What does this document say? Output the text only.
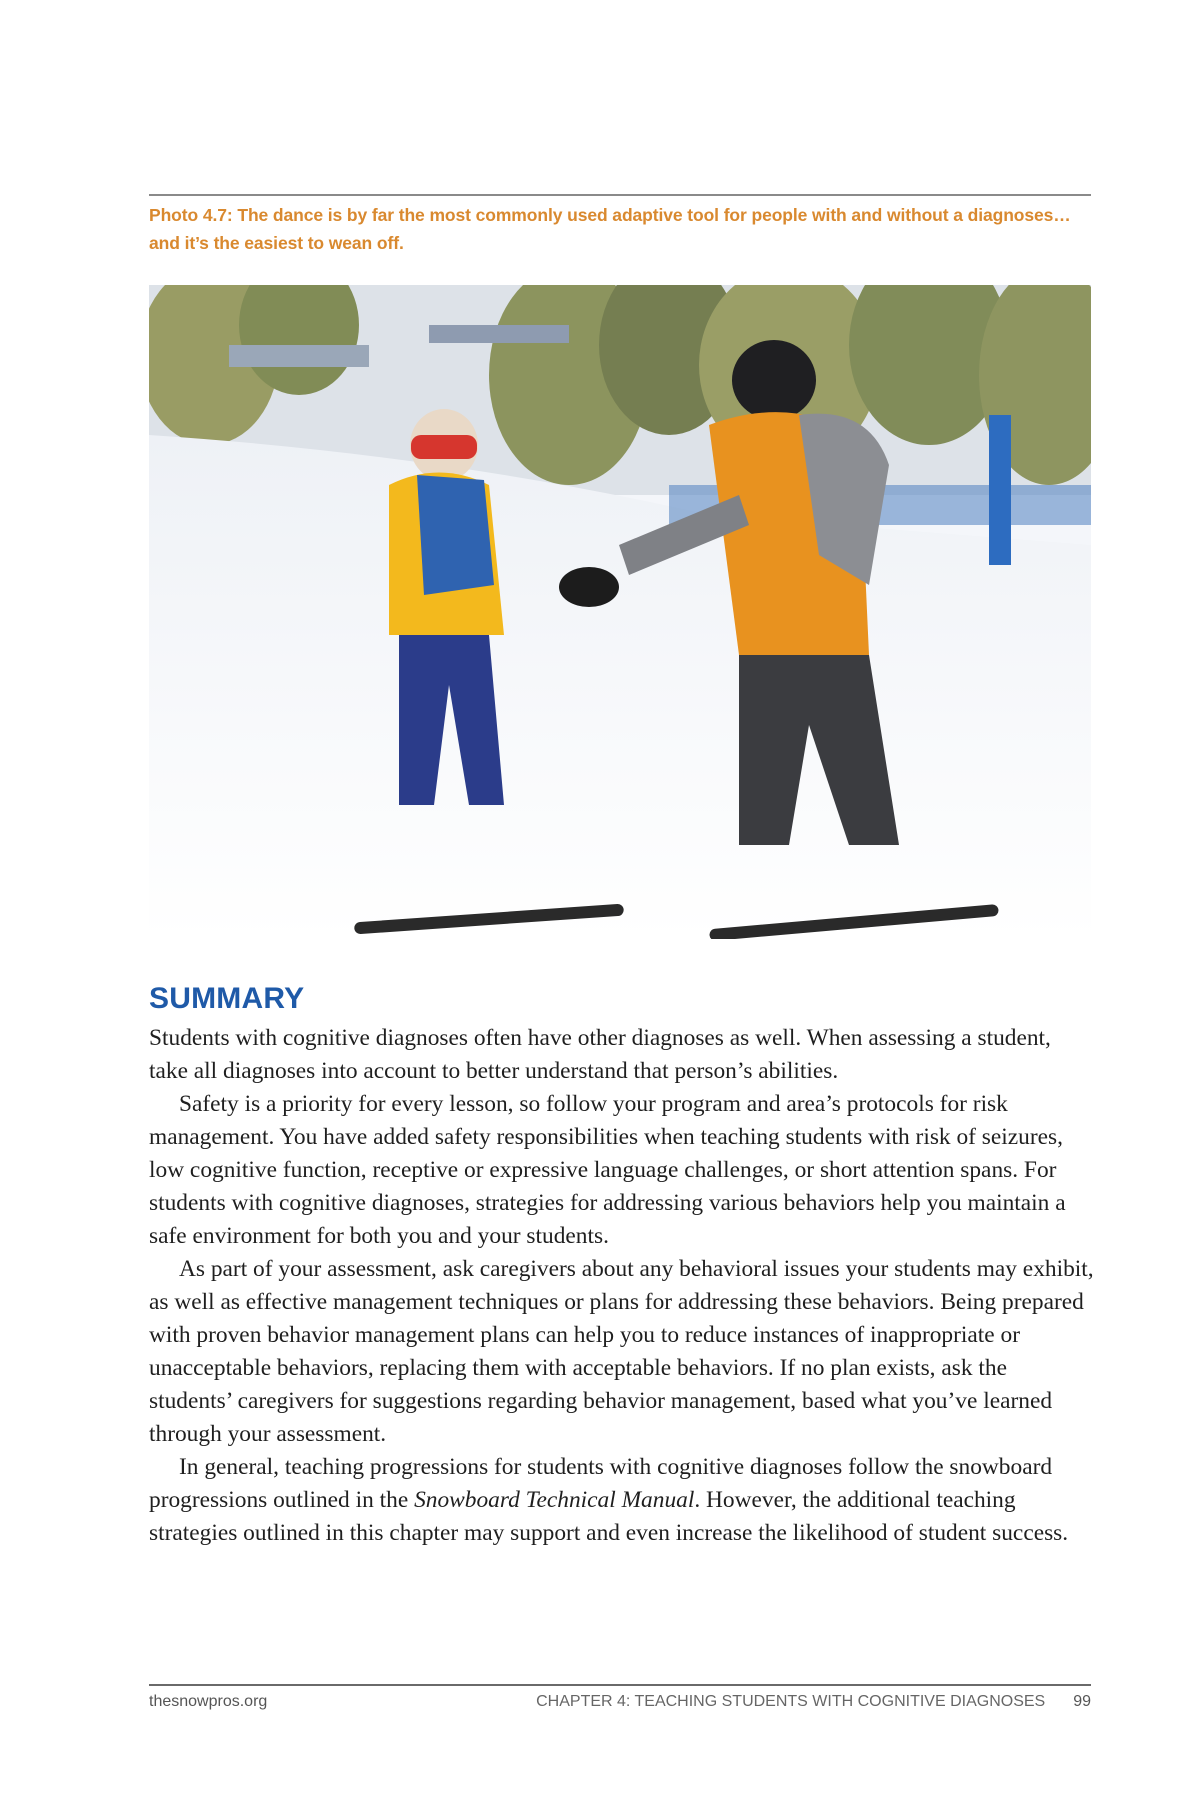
Photo 4.7: The dance is by far the most commonly used adaptive tool for people with and without a diagnoses… and it’s the easiest to wean off.
SUMMARY

Students with cognitive diagnoses often have other diagnoses as well. When assessing a student, take all diagnoses into account to better understand that person’s abilities.

Safety is a priority for every lesson, so follow your program and area’s protocols for risk management. You have added safety responsibilities when teaching students with risk of seizures, low cognitive function, receptive or expressive language challenges, or short attention spans. For students with cognitive diagnoses, strategies for addressing various behaviors help you maintain a safe environment for both you and your students.

As part of your assessment, ask caregivers about any behavioral issues your students may exhibit, as well as effective management techniques or plans for addressing these behaviors. Being prepared with proven behavior management plans can help you to reduce instances of inappropriate or unacceptable behaviors, replacing them with acceptable behaviors. If no plan exists, ask the students’ caregivers for suggestions regarding behavior management, based what you’ve learned through your assessment.

In general, teaching progressions for students with cognitive diagnoses follow the snowboard progressions outlined in the Snowboard Technical Manual. However, the additional teaching strategies outlined in this chapter may support and even increase the likelihood of student success.

thesnowpros.org	CHAPTER 4: TEACHING STUDENTS WITH COGNITIVE DIAGNOSES 99
